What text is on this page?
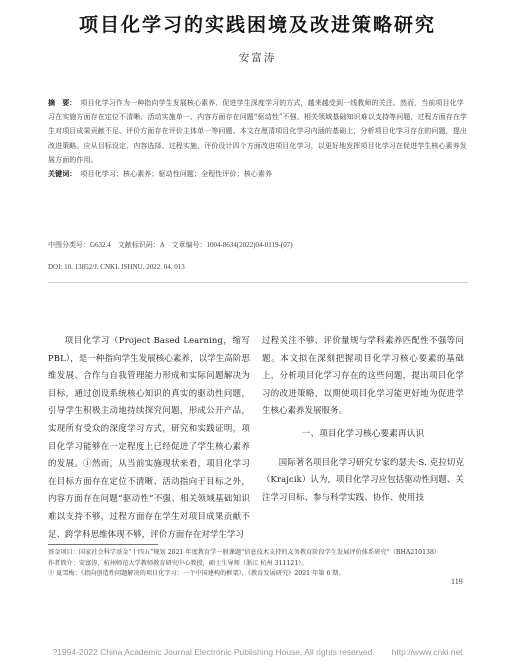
项目化学习的实践困境及改进策略研究
安富涛
摘　要： 项目化学习作为一种指向学生发展核心素养、促进学生深度学习的方式，越来越受到一线教师的关注。然而，当前项目化学习在实施方面存在定位不清晰、活动实施单一、内容方面存在问题“驱动性”不强、相关领域基础知识难以支持等问题，过程方面存在学生对项目成果贡献不足、评价方面存在评价主体单一等问题。本文在厘清项目化学习内涵的基础上，分析项目化学习存在的问题，提出改进策略。应从目标设定、内容选择、过程实施、评价设计四个方面改进项目化学习，以更好地发挥项目化学习在促进学生核心素养发展方面的作用。
关键词： 项目化学习；核心素养；驱动性问题；全程性评价；核心素养
中图分类号：G632.4　文献标识码：A　文章编号：1004-8634(2022)04-0119-(07)
DOI: 10. 13852/J. CNKI. JSHNU. 2022. 04. 013

项目化学习（Project Based Learning，缩写PBL），是一种指向学生发展核心素养，以学生高阶思维发展、合作与自我管理能力形成和实际问题解决为目标，通过创设系统核心知识的真实的驱动性问题，引导学生积极主动地持续探究问题，形成公开产品，实现所有受众的深度学习方式，研究和实践证明，项目化学习能够在一定程度上已经促进了学生核心素养的发展。①然而，从当前实施现状来看，项目化学习在目标方面存在定位不清晰、活动指向于目标之外，内容方面存在问题“驱动性”不强、相关领域基础知识难以支持不够，过程方面存在学生对项目成果贡献不足、跨学科思维体现不够，评价方面存在对学生学习

过程关注不够、评价量规与学科素养匹配性不强等问题。本文拟在深刻把握项目化学习核心要素的基础上，分析项目化学习存在的这些问题，提出项目化学习的改进策略，以期使项目化学习能更好地为促进学生核心素养发展服务。

一、项目化学习核心要素再认识

国际著名项目化学习研究专家约瑟夫·S. 克拉切克（Krajcik）认为，项目化学习应包括驱动性问题、关注学习目标、参与科学实践、协作、使用技

基金项目：国家社会科学基金“十四五”规划 2021 年度教育学一般课题“信息技术支持的义务教育阶段学生发展评价体系研究”（BHA210138）

作者简介：安富涛，杭州师范大学教师教育研究中心教授，硕士生导师（浙江 杭州 311121）。

① 夏雪梅：《指向创造性问题解决的项目化学习：一个中国建构的框架》，《教育发展研究》2021 年第 6 期。

119
?1994-2022 China Academic Journal Electronic Publishing House. All rights reserved.　　http://www.cnki.net
